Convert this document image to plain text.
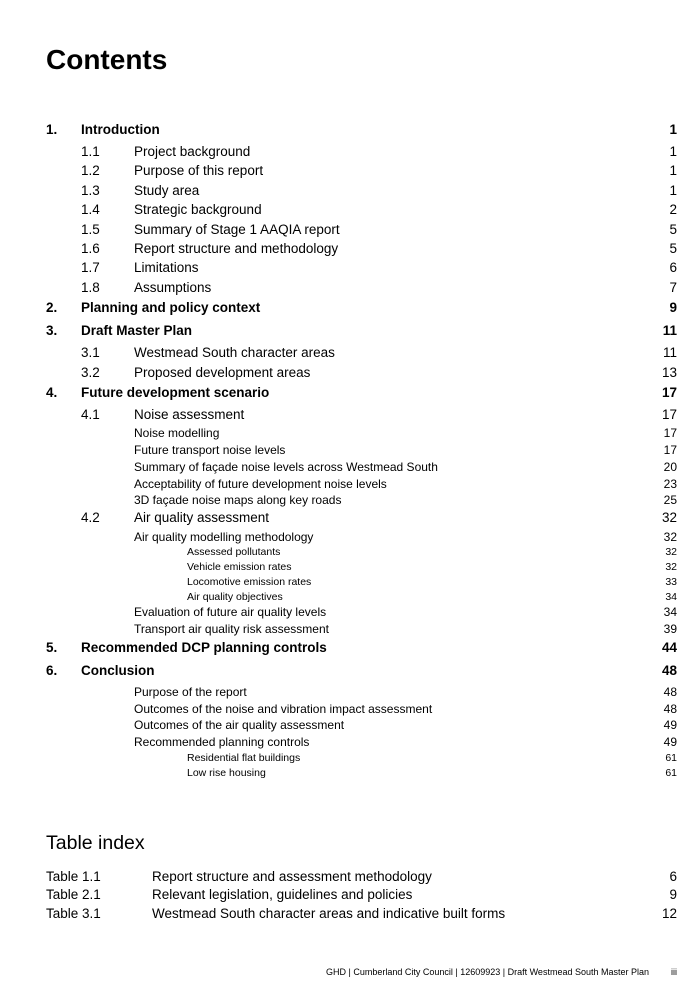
Contents
1. Introduction	1
1.1	Project background	1
1.2	Purpose of this report	1
1.3	Study area	1
1.4	Strategic background	2
1.5	Summary of Stage 1 AAQIA report	5
1.6	Report structure and methodology	5
1.7	Limitations	6
1.8	Assumptions	7
2. Planning and policy context	9
3. Draft Master Plan	11
3.1	Westmead South character areas	11
3.2	Proposed development areas	13
4. Future development scenario	17
4.1	Noise assessment	17
Noise modelling	17
Future transport noise levels	17
Summary of façade noise levels across Westmead South	20
Acceptability of future development noise levels	23
3D façade noise maps along key roads	25
4.2	Air quality assessment	32
Air quality modelling methodology	32
Assessed pollutants	32
Vehicle emission rates	32
Locomotive emission rates	33
Air quality objectives	34
Evaluation of future air quality levels	34
Transport air quality risk assessment	39
5. Recommended DCP planning controls	44
6. Conclusion	48
Purpose of the report	48
Outcomes of the noise and vibration impact assessment	48
Outcomes of the air quality assessment	49
Recommended planning controls	49
Residential flat buildings	61
Low rise housing	61
Table index
Table 1.1	Report structure and assessment methodology	6
Table 2.1	Relevant legislation, guidelines and policies	9
Table 3.1	Westmead South character areas and indicative built forms	12
GHD | Cumberland City Council | 12609923 | Draft Westmead South Master Plan iii
